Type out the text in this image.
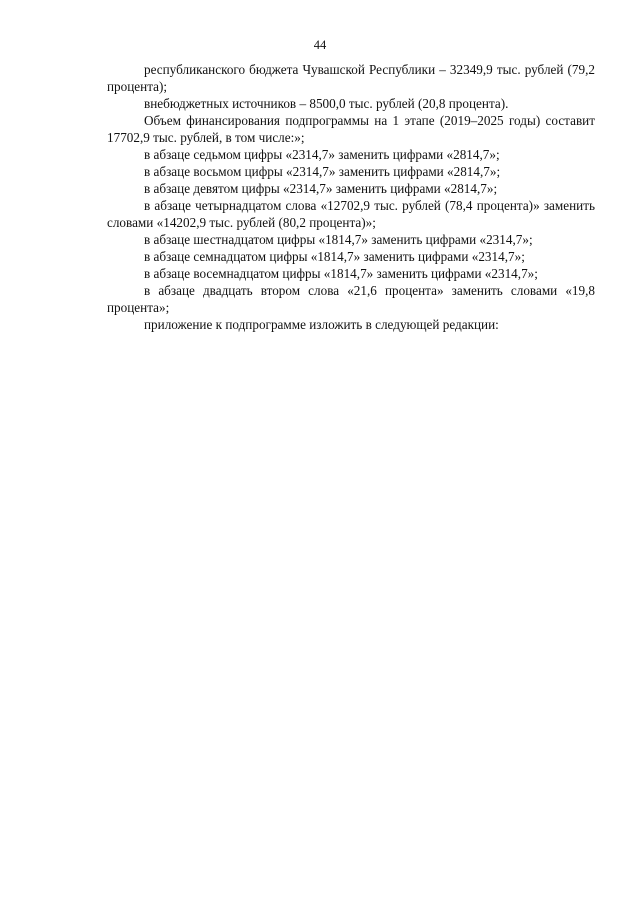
44

республиканского бюджета Чувашской Республики – 32349,9 тыс. рублей (79,2 процента);

внебюджетных источников – 8500,0 тыс. рублей (20,8 процента).

Объем финансирования подпрограммы на 1 этапе (2019–2025 годы) составит 17702,9 тыс. рублей, в том числе:»;

в абзаце седьмом цифры «2314,7» заменить цифрами «2814,7»;

в абзаце восьмом цифры «2314,7» заменить цифрами «2814,7»;

в абзаце девятом цифры «2314,7» заменить цифрами «2814,7»;

в абзаце четырнадцатом слова «12702,9 тыс. рублей (78,4 процента)» заменить словами «14202,9 тыс. рублей (80,2 процента)»;

в абзаце шестнадцатом цифры «1814,7» заменить цифрами «2314,7»;

в абзаце семнадцатом цифры «1814,7» заменить цифрами «2314,7»;

в абзаце восемнадцатом цифры «1814,7» заменить цифрами «2314,7»;

в абзаце двадцать втором слова «21,6 процента» заменить словами «19,8 процента»;

приложение к подпрограмме изложить в следующей редакции:
